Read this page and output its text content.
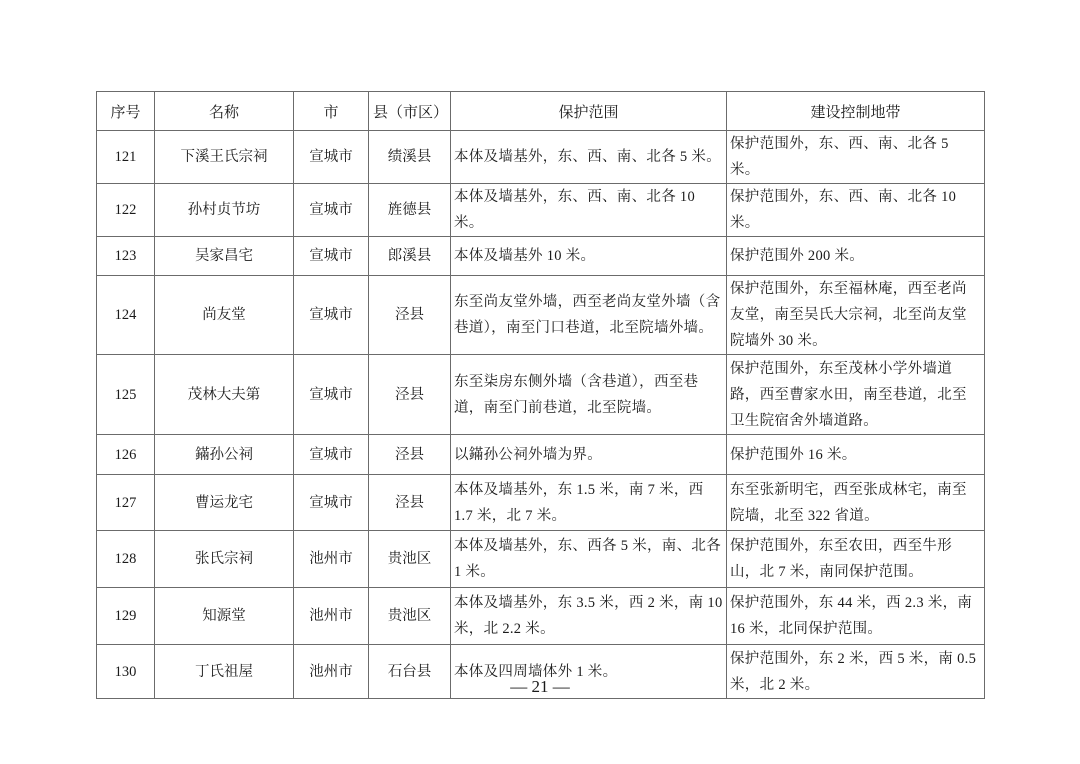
序号	名称	市	县（市区）	保护范围	建设控制地带
121	下溪王氏宗祠	宣城市	绩溪县	本体及墙基外，东、西、南、北各 5 米。	保护范围外，东、西、南、北各 5 米。
122	孙村贞节坊	宣城市	旌德县	本体及墙基外，东、西、南、北各 10 米。	保护范围外，东、西、南、北各 10 米。
123	吴家昌宅	宣城市	郎溪县	本体及墙基外 10 米。	保护范围外 200 米。
124	尚友堂	宣城市	泾县	东至尚友堂外墙，西至老尚友堂外墙（含巷道），南至门口巷道，北至院墙外墙。	保护范围外，东至福林庵，西至老尚友堂，南至吴氏大宗祠，北至尚友堂院墙外 30 米。
125	茂林大夫第	宣城市	泾县	东至柒房东侧外墙（含巷道），西至巷道，南至门前巷道，北至院墙。	保护范围外，东至茂林小学外墙道路，西至曹家水田，南至巷道，北至卫生院宿舍外墙道路。
126	鏋孙公祠	宣城市	泾县	以鏋孙公祠外墙为界。	保护范围外 16 米。
127	曹运龙宅	宣城市	泾县	本体及墙基外，东 1.5 米，南 7 米，西 1.7 米，北 7 米。	东至张新明宅，西至张成林宅，南至院墙，北至 322 省道。
128	张氏宗祠	池州市	贵池区	本体及墙基外，东、西各 5 米，南、北各 1 米。	保护范围外，东至农田，西至牛形山，北 7 米，南同保护范围。
129	知源堂	池州市	贵池区	本体及墙基外，东 3.5 米，西 2 米，南 10 米，北 2.2 米。	保护范围外，东 44 米，西 2.3 米，南 16 米，北同保护范围。
130	丁氏祖屋	池州市	石台县	本体及四周墙体外 1 米。	保护范围外，东 2 米，西 5 米，南 0.5 米，北 2 米。
— 21 —
